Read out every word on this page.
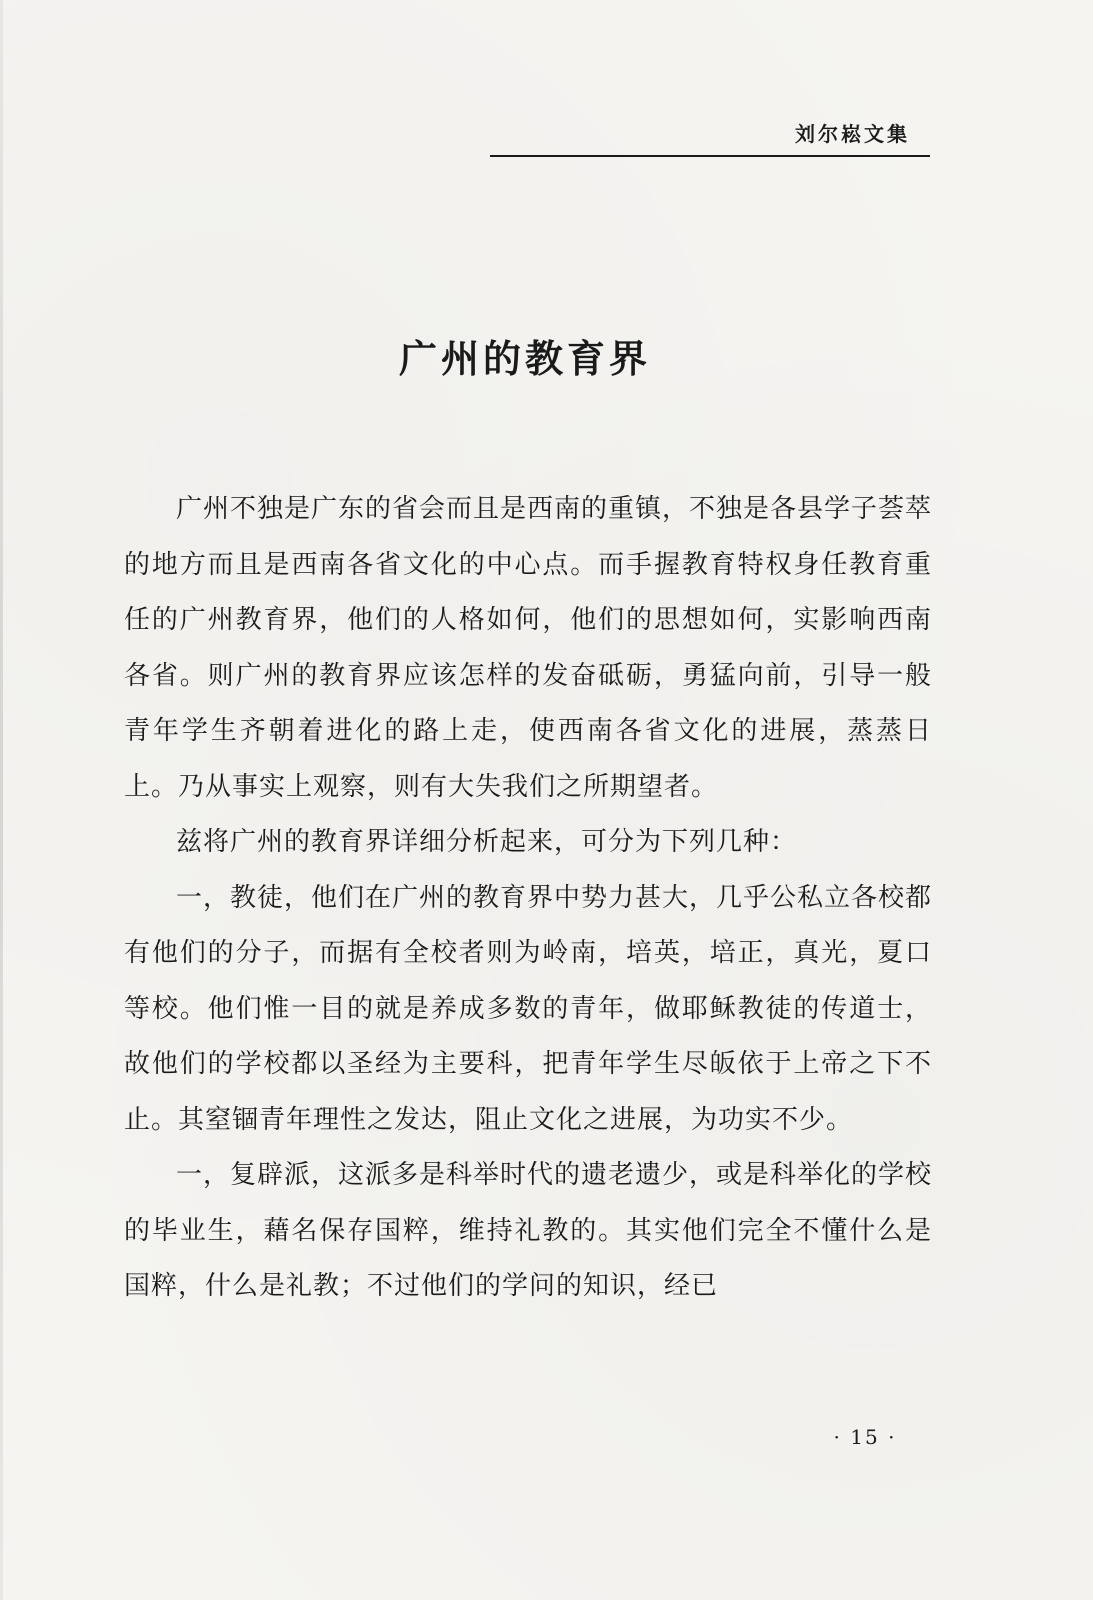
刘尔崧文集
广州的教育界

广州不独是广东的省会而且是西南的重镇，不独是各县学子荟萃的地方而且是西南各省文化的中心点。而手握教育特权身任教育重任的广州教育界，他们的人格如何，他们的思想如何，实影响西南各省。则广州的教育界应该怎样的发奋砥砺，勇猛向前，引导一般青年学生齐朝着进化的路上走，使西南各省文化的进展，蒸蒸日上。乃从事实上观察，则有大失我们之所期望者。

兹将广州的教育界详细分析起来，可分为下列几种：

一，教徒，他们在广州的教育界中势力甚大，几乎公私立各校都有他们的分子，而据有全校者则为岭南，培英，培正，真光，夏口等校。他们惟一目的就是养成多数的青年，做耶稣教徒的传道士，故他们的学校都以圣经为主要科，把青年学生尽皈依于上帝之下不止。其窒锢青年理性之发达，阻止文化之进展，为功实不少。

一，复辟派，这派多是科举时代的遗老遗少，或是科举化的学校的毕业生，藉名保存国粹，维持礼教的。其实他们完全不懂什么是国粹，什么是礼教；不过他们的学问的知识，经已

· 15 ·
